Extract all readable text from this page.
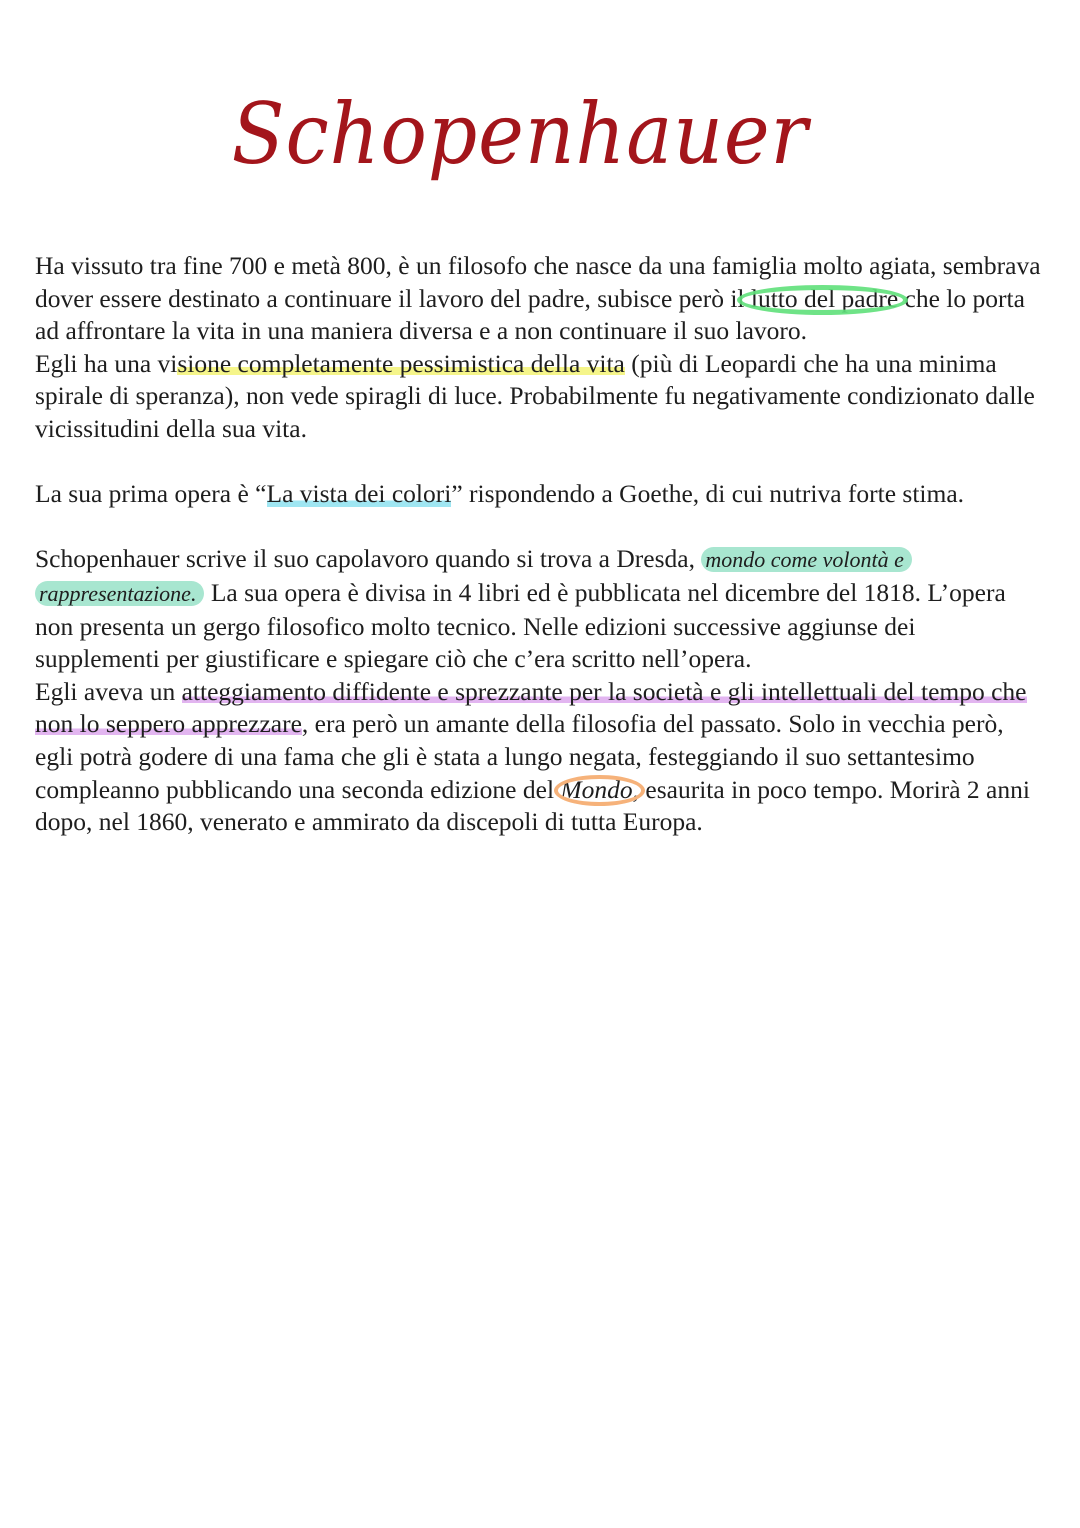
Schopenhauer

Ha vissuto tra fine 700 e metà 800, è un filosofo che nasce da una famiglia molto agiata, sembrava dover essere destinato a continuare il lavoro del padre, subisce però il lutto del padre che lo porta ad affrontare la vita in una maniera diversa e a non continuare il suo lavoro.

Egli ha una visione completamente pessimistica della vita (più di Leopardi che ha una minima spirale di speranza), non vede spiragli di luce. Probabilmente fu negativamente condizionato dalle vicissitudini della sua vita.

La sua prima opera è “La vista dei colori” rispondendo a Goethe, di cui nutriva forte stima.

Schopenhauer scrive il suo capolavoro quando si trova a Dresda, mondo come volontà e rappresentazione. La sua opera è divisa in 4 libri ed è pubblicata nel dicembre del 1818. L’opera non presenta un gergo filosofico molto tecnico. Nelle edizioni successive aggiunse dei supplementi per giustificare e spiegare ciò che c’era scritto nell’opera.

Egli aveva un atteggiamento diffidente e sprezzante per la società e gli intellettuali del tempo che non lo seppero apprezzare, era però un amante della filosofia del passato. Solo in vecchia però, egli potrà godere di una fama che gli è stata a lungo negata, festeggiando il suo settantesimo compleanno pubblicando una seconda edizione del Mondo, esaurita in poco tempo. Morirà 2 anni dopo, nel 1860, venerato e ammirato da discepoli di tutta Europa.
